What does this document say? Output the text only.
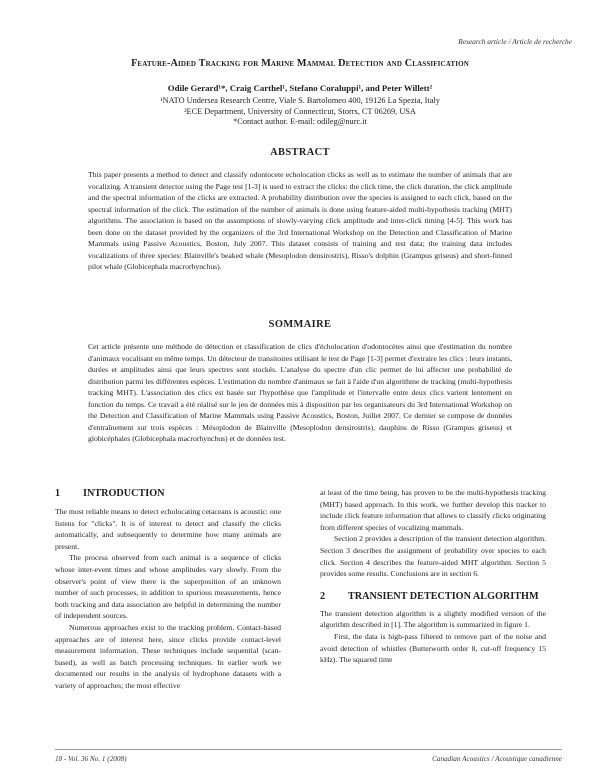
Research article / Article de recherche
Feature-Aided Tracking for Marine Mammal Detection and Classification
Odile Gerard¹*, Craig Carthel¹, Stefano Coraluppi¹, and Peter Willett²
¹NATO Undersea Research Centre, Viale S. Bartolomeo 400, 19126 La Spezia, Italy
²ECE Department, University of Connecticut, Storrs, CT 06269, USA
*Contact author. E-mail: odileg@nurc.it
ABSTRACT

This paper presents a method to detect and classify odontocete echolocation clicks as well as to estimate the number of animals that are vocalizing. A transient detector using the Page test [1-3] is used to extract the clicks: the click time, the click duration, the click amplitude and the spectral information of the clicks are extracted. A probability distribution over the species is assigned to each click, based on the spectral information of the click. The estimation of the number of animals is done using feature-aided multi-hypothesis tracking (MHT) algorithms. The association is based on the assumptions of slowly-varying click amplitude and inter-click timing [4-5]. This work has been done on the dataset provided by the organizers of the 3rd International Workshop on the Detection and Classification of Marine Mammals using Passive Acoustics, Boston, July 2007. This dataset consists of training and test data; the training data includes vocalizations of three species: Blainville's beaked whale (Mesoplodon densirostris), Risso's dolphin (Grampus griseus) and short-finned pilot whale (Globicephala macrorhynchus).

SOMMAIRE

Cet article présente une méthode de détection et classification de clics d'écholocation d'odontocètes ainsi que d'estimation du nombre d'animaux vocalisant en même temps. Un détecteur de transitoires utilisant le test de Page [1-3] permet d'extraire les clics : leurs instants, durées et amplitudes ainsi que leurs spectres sont stockés. L'analyse du spectre d'un clic permet de lui affecter une probabilité de distribution parmi les différentes espèces. L'estimation du nombre d'animaux se fait à l'aide d'un algorithme de tracking (multi-hypothesis tracking MHT). L'association des clics est basée sur l'hypothèse que l'amplitude et l'intervalle entre deux clics varient lentement en fonction du temps. Ce travail a été réalisé sur le jeu de données mis à disposition par les organisateurs du 3rd International Workshop on the Detection and Classification of Marine Mammals using Passive Acoustics, Boston, Juillet 2007. Ce dernier se compose de données d'entraînement sur trois espèces : Mésoplodon de Blainville (Mesoplodon densirostris), dauphins de Risso (Grampus griseus) et globicéphales (Globicephala macrorhynchus) et de données test.

1	INTRODUCTION

The most reliable means to detect echolocating cetaceans is acoustic: one listens for "clicks". It is of interest to detect and classify the clicks automatically, and subsequently to determine how many animals are present.

The process observed from each animal is a sequence of clicks whose inter-event times and whose amplitudes vary slowly. From the observer's point of view there is the superposition of an unknown number of such processes, in addition to spurious measurements, hence both tracking and data association are helpful in determining the number of independent sources.

Numerous approaches exist to the tracking problem. Contact-based approaches are of interest here, since clicks provide contact-level measurement information. These techniques include sequential (scan-based), as well as batch processing techniques. In earlier work we documented our results in the analysis of hydrophone datasets with a variety of approaches; the most effective

at least of the time being, has proven to be the multi-hypothesis tracking (MHT) based approach. In this work, we further develop this tracker to include click feature information that allows to classify clicks originating from different species of vocalizing mammals.

Section 2 provides a description of the transient detection algorithm. Section 3 describes the assignment of probability over species to each click. Section 4 describes the feature-aided MHT algorithm. Section 5 provides some results. Conclusions are in section 6.

2	TRANSIENT DETECTION ALGORITHM

The transient detection algorithm is a slightly modified version of the algorithm described in [1]. The algorithm is summarized in figure 1.

First, the data is high-pass filtered to remove part of the noise and avoid detection of whistles (Butterworth order 8, cut-off frequency 15 kHz). The squared time

18 - Vol. 36 No. 1 (2008)	Canadian Acoustics / Acoustique canadienne
